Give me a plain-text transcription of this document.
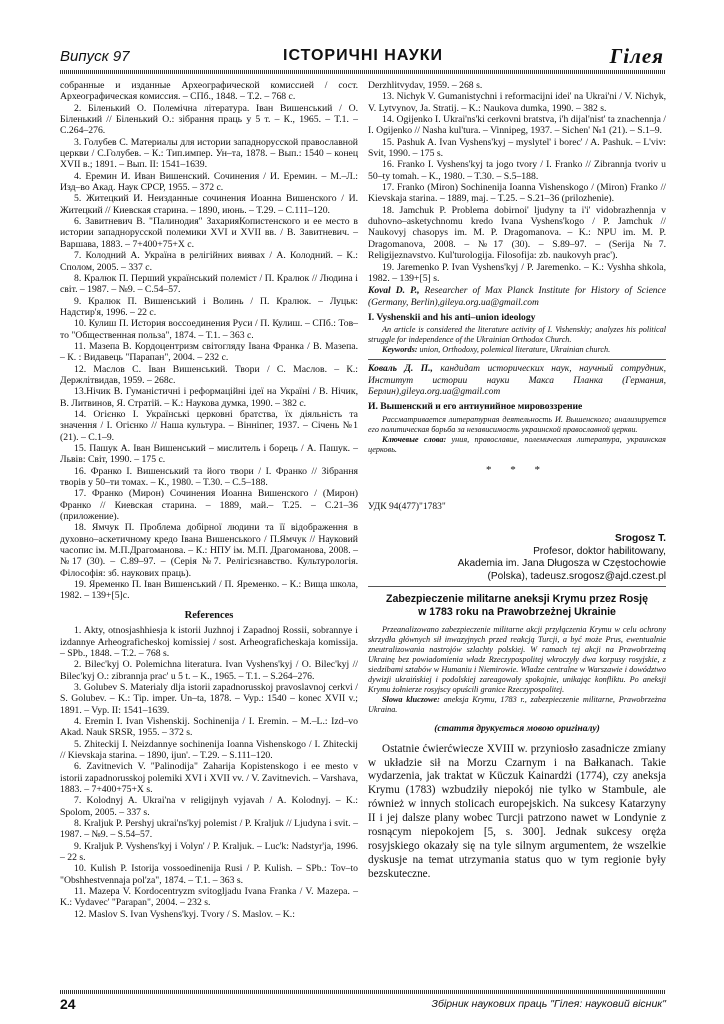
Випуск 97	ІСТОРИЧНІ НАУКИ	Гілея

собранные и изданные Археографической комиссией / сост. Археографическая комиссия. – СПб., 1848. – Т.2. – 768 с.

2. Біленький О. Полемічна література. Іван Вишенський / О. Біленький // Біленький О.: зібрання праць у 5 т. – К., 1965. – Т.1. – С.264–276.

3. Голубев С. Материалы для истории западнорусской православной церкви / С.Голубев. – К.: Тип.импер. Ун–та, 1878. – Вып.: 1540 – конец XVII в.; 1891. – Вып. II: 1541–1639.

4. Еремин И. Иван Вишенский. Сочинения / И. Еремин. – М.–Л.: Изд–во Акад. Наук СРСР, 1955. – 372 с.

5. Житецкий И. Неизданные сочинения Иоанна Вишенского / И. Житецкий // Киевская старина. – 1890, июнь. – Т.29. – С.111–120.

6. Завитневич В. "Палинодия" ЗахарияКопистенского и ее место в истории западнорусской полемики XVI и XVII вв. / В. Завитневич. – Варшава, 1883. – 7+400+75+Х с.

7. Колодний А. Україна в релігійних виявах / А. Колодний. – К.: Сполом, 2005. – 337 с.

8. Кралюк П. Перший український полеміст / П. Кралюк // Людина і світ. – 1987. – №9. – С.54–57.

9. Кралюк П. Вишенський і Волинь / П. Кралюк. – Луцьк: Надстир'я, 1996. – 22 с.

10. Кулиш П. История воссоединения Руси / П. Кулиш. – СПб.: Тов–то "Общественная польза", 1874. – Т.1. – 363 с.

11. Мазепа В. Кордоцентризм світогляду Івана Франка / В. Мазепа. – К. : Видавець "Парапан", 2004. – 232 с.

12. Маслов С. Іван Вишенський. Твори / С. Маслов. – К.: Держлітвидав, 1959. – 268с.

13.Нічик В. Гуманістичні і реформаційні ідеї на Україні / В. Нічик, В. Литвинов, Я. Стратій. – К.: Наукова думка, 1990. – 382 с.

14. Огієнко І. Українські церковні братства, їх діяльність та значення / І. Огієнко // Наша культура. – Вінніпег, 1937. – Січень №1 (21). – С.1–9.

15. Пашук А. Іван Вишенський – мислитель і борець / А. Пашук. – Львів: Світ, 1990. – 175 с.

16. Франко І. Вишенський та його твори / І. Франко // Зібрання творів у 50–ти томах. – К., 1980. – Т.30. – С.5–188.

17. Франко (Мирон) Сочинения Иоанна Вишенского / (Мирон) Франко // Киевская старина. – 1889, май.– Т.25. – С.21–36 (приложение).

18. Ямчук П. Проблема добірної людини та її відображення в духовно–аскетичному кредо Івана Вишенського / П.Ямчук // Науковий часопис ім. М.П.Драгоманова. – К.: НПУ ім. М.П. Драгоманова, 2008. – №17 (30). – С.89–97. – (Серія №7. Релігієзнавство. Культурологія. Філософія: зб. наукових праць).

19. Яременко П. Іван Вишенський / П. Яременко. – К.: Вища школа, 1982. – 139+[5]с.

References

1. Akty, otnosjashhiesja k istorii Juzhnoj i Zapadnoj Rossii, sobrannye i izdannye Arheograficheskoj komissiej / sost. Arheograficheskaja komissija. – SPb., 1848. – T.2. – 768 s.

2. Bilec'kyj O. Polemichna literatura. Ivan Vyshens'kyj / O. Bilec'kyj // Bilec'kyj O.: zibrannja prac' u 5 t. – K., 1965. – T.1. – S.264–276.

3. Golubev S. Materialy dlja istorii zapadnorusskoj pravoslavnoj cerkvi / S. Golubev. – K.: Tip. imper. Un–ta, 1878. – Vyp.: 1540 – konec XVII v.; 1891. – Vyp. II: 1541–1639.

4. Eremin I. Ivan Vishenskij. Sochinenija / I. Eremin. – M.–L.: Izd–vo Akad. Nauk SRSR, 1955. – 372 s.

5. Zhiteckij I. Neizdannye sochinenija Ioanna Vishenskogo / I. Zhiteckij // Kievskaja starina. – 1890, ijun'. – T.29. – S.111–120.

6. Zavitnevich V. "Palinodija" Zaharija Kopistenskogo i ee mesto v istorii zapadnorusskoj polemiki XVI i XVII vv. / V. Zavitnevich. – Varshava, 1883. – 7+400+75+X s.

7. Kolodnyj A. Ukrai'na v religijnyh vyjavah / A. Kolodnyj. – K.: Spolom, 2005. – 337 s.

8. Kraljuk P. Pershyj ukrai'ns'kyj polemist / P. Kraljuk // Ljudyna i svit. – 1987. – №9. – S.54–57.

9. Kraljuk P. Vyshens'kyj i Volyn' / P. Kraljuk. – Luc'k: Nadstyr'ja, 1996. – 22 s.

10. Kulish P. Istorija vossoedinenija Rusi / P. Kulish. – SPb.: Tov–to "Obshhestvennaja pol'za", 1874. – T.1. – 363 s.

11. Mazepa V. Kordocentryzm svitogljadu Ivana Franka / V. Mazepa. – K.: Vydavec' "Parapan", 2004. – 232 s.

12. Maslov S. Ivan Vyshens'kyj. Tvory / S. Maslov. – K.:

Derzhlitvydav, 1959. – 268 s.

13. Nichyk V. Gumanistychni i reformacijni idei' na Ukrai'ni / V. Nichyk, V. Lytvynov, Ja. Stratij. – K.: Naukova dumka, 1990. – 382 s.

14. Ogijenko I. Ukrai'ns'ki cerkovni bratstva, i'h dijal'nist' ta znachennja / I. Ogijenko // Nasha kul'tura. – Vinnipeg, 1937. – Sichen' №1 (21). – S.1–9.

15. Pashuk A. Ivan Vyshens'kyj – myslytel' i borec' / A. Pashuk. – L'viv: Svit, 1990. – 175 s.

16. Franko I. Vyshens'kyj ta jogo tvory / I. Franko // Zibrannja tvoriv u 50–ty tomah. – K., 1980. – T.30. – S.5–188.

17. Franko (Miron) Sochinenija Ioanna Vishenskogo / (Miron) Franko // Kievskaja starina. – 1889, maj. – T.25. – S.21–36 (prilozhenie).

18. Jamchuk P. Problema dobirnoi' ljudyny ta i'i' vidobrazhennja v duhovno–asketychnomu kredo Ivana Vyshens'kogo / P. Jamchuk // Naukovyj chasopys im. M. P. Dragomanova. – K.: NPU im. M. P. Dragomanova, 2008. – №17 (30). – S.89–97. – (Serija №7. Religijeznavstvo. Kul'turologija. Filosofija: zb. naukovyh prac').

19. Jaremenko P. Ivan Vyshens'kyj / P. Jaremenko. – K.: Vyshha shkola, 1982. – 139+[5] s.

Koval D. P., Researcher of Max Planck Institute for History of Science (Germany, Berlin),gileya.org.ua@gmail.com
I. Vyshenskii and his anti–union ideology
An article is considered the literature activity of I. Vishenskiy; analyzes his political struggle for independence of the Ukrainian Orthodox Church.
Keywords: union, Orthodoxy, polemical literature, Ukrainian church.
Коваль Д. П., кандидат исторических наук, научный сотрудник, Институт истории науки Макса Планка (Германия, Берлин),gileya.org.ua@gmail.com
И. Вышенский и его антиунийное мировоззрение
Рассматривается литературная деятельность И. Вышенского; анализируется его политическая борьба за независимость украинской православной церкви.
Ключевые слова: уния, православие, полемическая литература, украинская церковь.
* * *
УДК 94(477)"1783"
Srogosz T.
Profesor, doktor habilitowany,
Akademia im. Jana Długosza w Częstochowie
(Polska), tadeusz.srogosz@ajd.czest.pl
Zabezpieczenie militarne aneksji Krymu przez Rosję
w 1783 roku na Prawobrzeżnej Ukrainie
Przeanalizowano zabezpieczenie militarne akcji przyłączenia Krymu w celu ochrony skrzydła głównych sił inwazyjnych przed reakcją Turcji, a być może Prus, ewentualnie zneutralizowania nastrojów szlachty polskiej. W ramach tej akcji na Prawobrzeżną Ukrainę bez powiadomienia władz Rzeczypospolitej wkroczyły dwa korpusy rosyjskie, z siedzibami sztabów w Humaniu i Niemirowie. Władze centralne w Warszawie i dowództwo dywizji ukraińskiej i podolskiej zareagowały spokojnie, unikając konfliktu. Po aneksji Krymu żołnierze rosyjscy opuścili granice Rzeczypospolitej.
Słowa kluczowe: aneksja Krymu, 1783 r., zabezpieczenie militarne, Prawobrzeżna Ukraina.
(стаття друкується мовою оригіналу)
Ostatnie ćwierćwiecze XVIII w. przyniosło zasadnicze zmiany w układzie sił na Morzu Czarnym i na Bałkanach. Takie wydarzenia, jak traktat w Küczuk Kainardżi (1774), czy aneksja Krymu (1783) wzbudziły niepokój nie tylko w Stambule, ale również w innych stolicach europejskich. Na sukcesy Katarzyny II i jej dalsze plany wobec Turcji patrzono nawet w Londynie z rosnącym niepokojem [5, s. 300]. Jednak sukcesy oręża rosyjskiego okazały się na tyle silnym argumentem, że wszelkie dyskusje na temat utrzymania status quo w tym regionie były bezskuteczne.
24	Збірник наукових праць "Гілея: науковий вісник"
